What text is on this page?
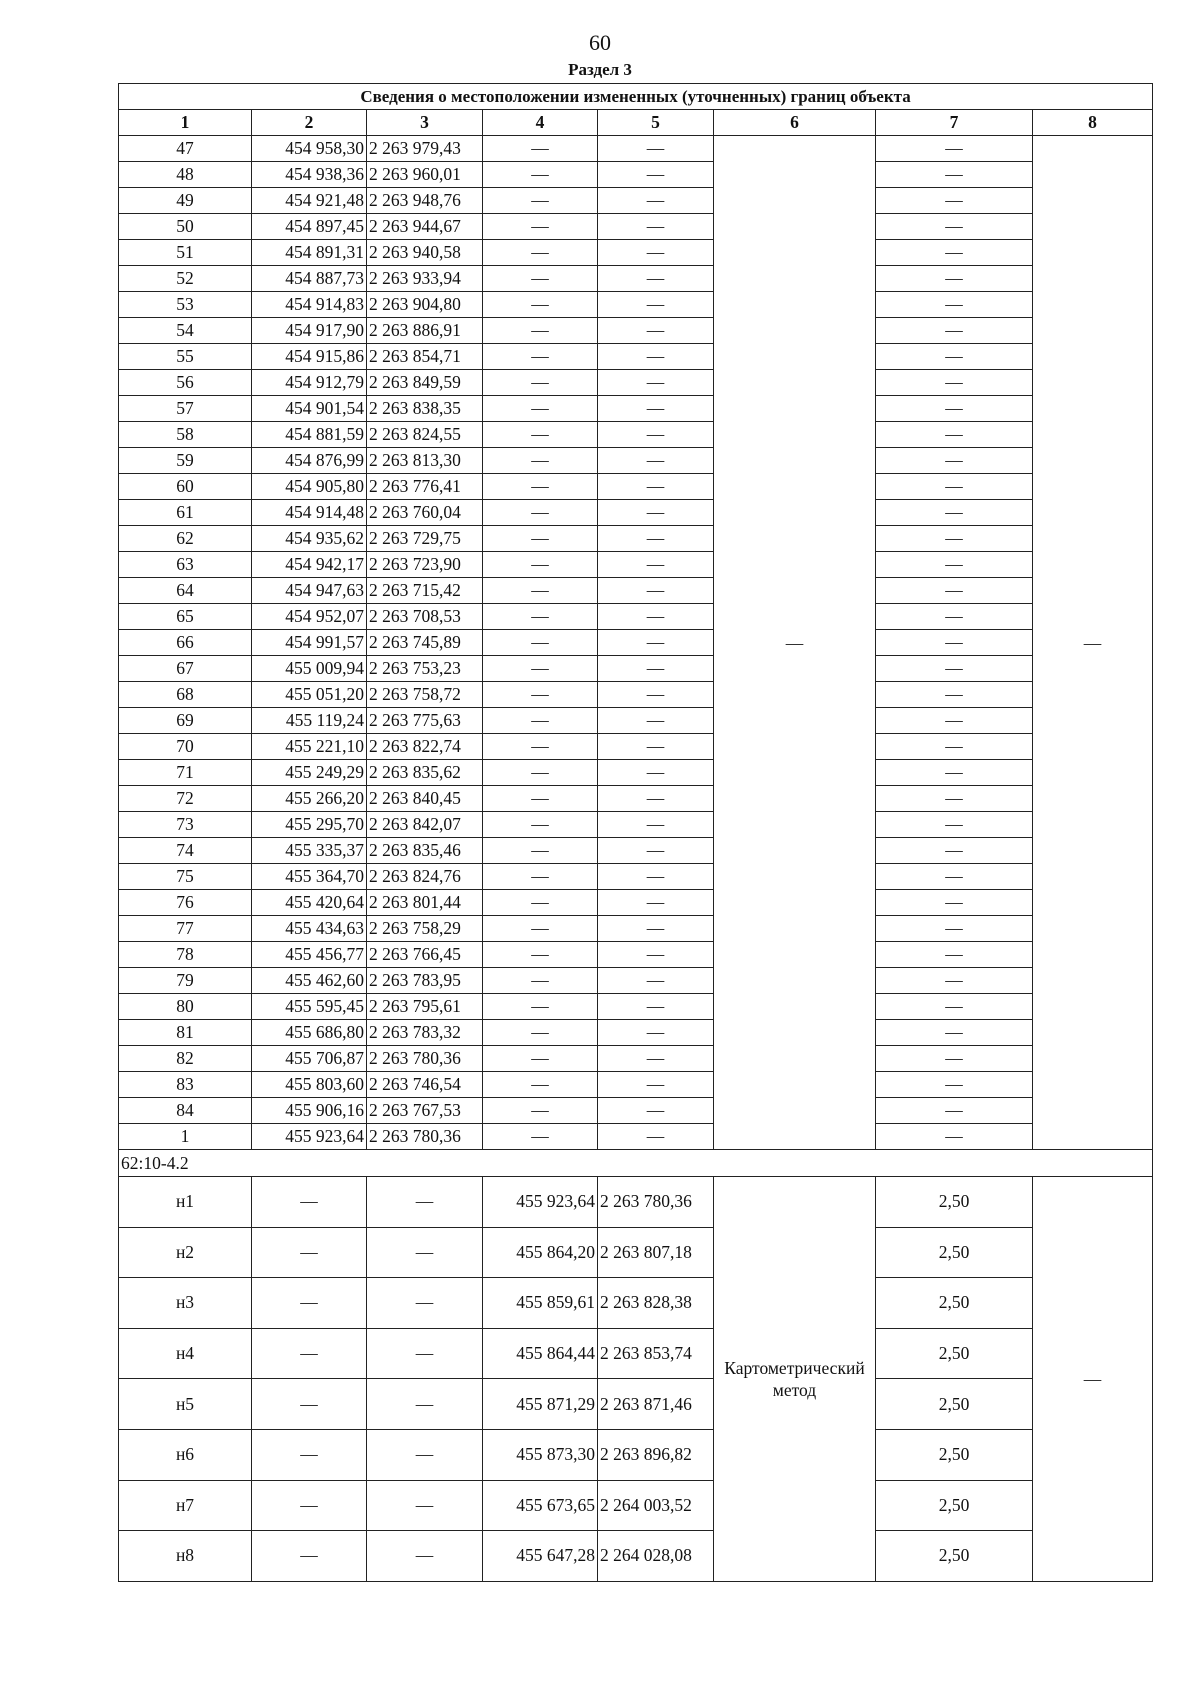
60
Раздел 3
Сведения о местоположении измененных (уточненных) границ объекта							
1	2	3	4	5	6	7	8
47	454 958,30	2 263 979,43	—	—	—	—	—
48	454 938,36	2 263 960,01	—	—		—	
49	454 921,48	2 263 948,76	—	—		—	
50	454 897,45	2 263 944,67	—	—		—	
51	454 891,31	2 263 940,58	—	—		—	
52	454 887,73	2 263 933,94	—	—		—	
53	454 914,83	2 263 904,80	—	—		—	
54	454 917,90	2 263 886,91	—	—		—	
55	454 915,86	2 263 854,71	—	—		—	
56	454 912,79	2 263 849,59	—	—		—	
57	454 901,54	2 263 838,35	—	—		—	
58	454 881,59	2 263 824,55	—	—		—	
59	454 876,99	2 263 813,30	—	—		—	
60	454 905,80	2 263 776,41	—	—		—	
61	454 914,48	2 263 760,04	—	—		—	
62	454 935,62	2 263 729,75	—	—		—	
63	454 942,17	2 263 723,90	—	—		—	
64	454 947,63	2 263 715,42	—	—		—	
65	454 952,07	2 263 708,53	—	—		—	
66	454 991,57	2 263 745,89	—	—		—	
67	455 009,94	2 263 753,23	—	—		—	
68	455 051,20	2 263 758,72	—	—		—	
69	455 119,24	2 263 775,63	—	—		—	
70	455 221,10	2 263 822,74	—	—		—	
71	455 249,29	2 263 835,62	—	—		—	
72	455 266,20	2 263 840,45	—	—		—	
73	455 295,70	2 263 842,07	—	—		—	
74	455 335,37	2 263 835,46	—	—		—	
75	455 364,70	2 263 824,76	—	—		—	
76	455 420,64	2 263 801,44	—	—		—	
77	455 434,63	2 263 758,29	—	—		—	
78	455 456,77	2 263 766,45	—	—		—	
79	455 462,60	2 263 783,95	—	—		—	
80	455 595,45	2 263 795,61	—	—		—	
81	455 686,80	2 263 783,32	—	—		—	
82	455 706,87	2 263 780,36	—	—		—	
83	455 803,60	2 263 746,54	—	—		—	
84	455 906,16	2 263 767,53	—	—		—	
1	455 923,64	2 263 780,36	—	—		—	
62:10-4.2							
н1	—	—	455 923,64	2 263 780,36	Картометрический метод	2,50	—
н2	—	—	455 864,20	2 263 807,18		2,50	
н3	—	—	455 859,61	2 263 828,38		2,50	
н4	—	—	455 864,44	2 263 853,74		2,50	
н5	—	—	455 871,29	2 263 871,46		2,50	
н6	—	—	455 873,30	2 263 896,82		2,50	
н7	—	—	455 673,65	2 264 003,52		2,50	
н8	—	—	455 647,28	2 264 028,08		2,50	
